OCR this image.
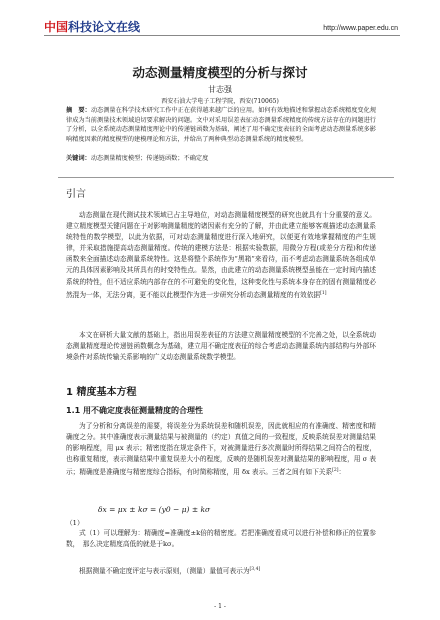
中国科技论文在线	http://www.paper.edu.cn
动态测量精度模型的分析与探讨
甘志强
西安石油大学电子工程学院，西安(710065)
摘　要：动态测量在科学技术研究工作中正在获得越来越广泛的应用。如何有效地描述和掌握动态系统精度变化规律成为当前测量技术领域迫切要求解决的问题。文中对采用误差表征动态测量系统精度的传统方法存在的问题进行了分析，以全系统动态测量精度理论中的传递链函数为基础，阐述了用不确定度表征的全面考虑动态测量系统多影响精度因素的精度模型的建模理论和方法，并给出了两种典型动态测量系统的精度模型。
关键词：动态测量精度模型；传递链函数；不确定度
引言
动态测量在现代测试技术领域已占主导地位，对动态测量精度模型的研究也就具有十分重要的意义。 建立精度模型关键问题在于对影响测量精度的诸因素有充分的了解，并由此建立能够客观描述动态测量系统特性的数学模型，以此为依据，可对动态测量精度进行深入地研究，以便更有效地掌握精度的产生规律，并采取措施提高动态测量精度。传统的建模方法是：根据实验数据，用微分方程(或差分方程)和传递函数来全面描述动态测量系统特性。这是将整个系统作为“黑箱”来看待，而不考虑动态测量系统各组成单元的具体因素影响及其所具有的时变特性点。显然，由此建立的动态测量系统模型虽能在一定时间内描述系统的特性，但不适应系统内部存在的不可避免的变化性，这种变化性与系统本身存在的固有测量精度必然混为一体，无法分离，更不能以此模型作为进一步研究分析动态测量精度的有效依据[1]
本文在研析大量文献的基础上，指出用误差表征的方法建立测量精度模型的不完善之处，以全系统动态测量精度理论传递链函数概念为基础，建立用不确定度表征的综合考虑动态测量系统内部结构与外部环境条件对系统传输关系影响的广义动态测量系统数学模型。
1 精度基本方程
1.1 用不确定度表征测量精度的合理性
为了分析和分离误差的需要，将误差分为系统误差和随机误差，因此就相应的有准确度、精密度和精确度之分。其中准确度表示测量结果与被测量的（约定）真值之间的一致程度，反映系统误差对测量结果的影响程度，用 μx 表示；精密度指在规定条件下，对被测量进行多次测量时所得结果之间符合的程度，也称重复精度，表示测量结果中重复误差大小的程度，反映的是随机误差对测量结果的影响程度，用 σ 表示；精确度是准确度与精密度综合指标，有时简称精度，用 δx 表示。三者之间有如下关系[2]：
δx = μx ± kσ = (y0 − μ) ± kσ
（1）
式（1）可以理解为：精确度=准确度±k倍的精密度。若把准确度看成可以进行补偿和修正的位置参数，　那么决定精度高低的就是于kσ。
根据测量不确定度评定与表示原则，（测量）量值可表示为[3,4]
- 1 -
